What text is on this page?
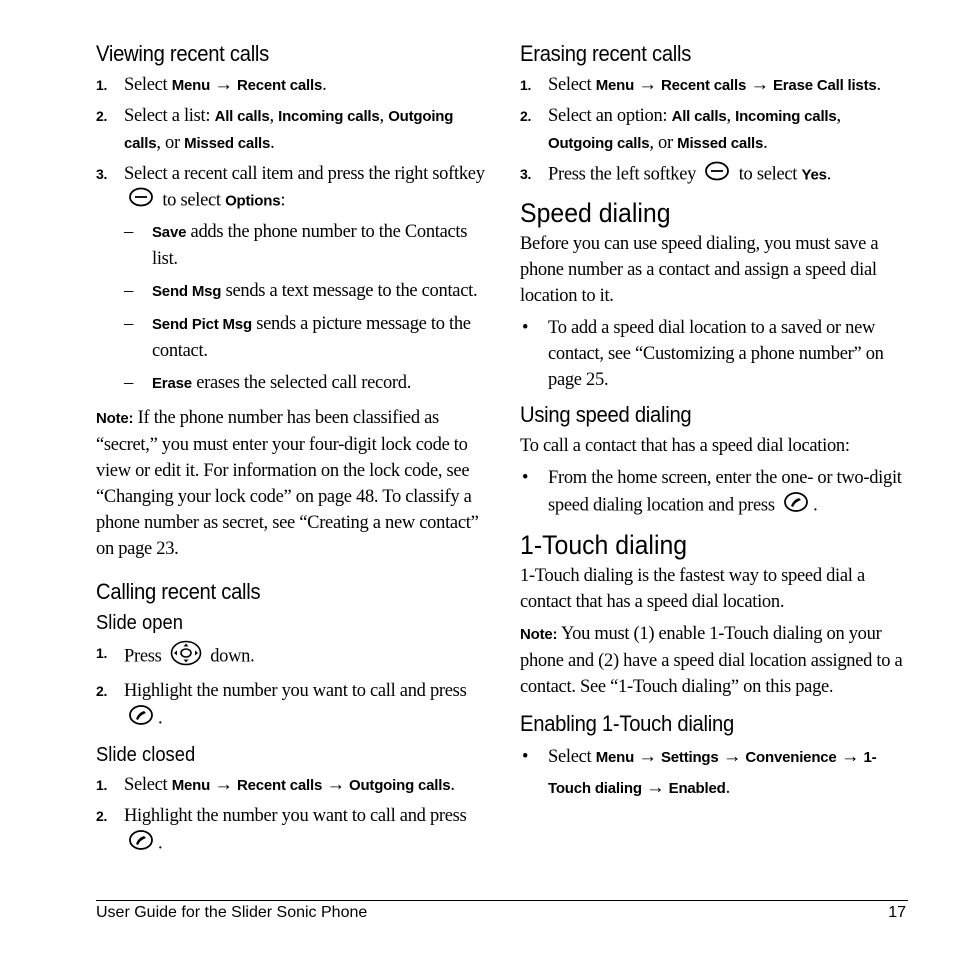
Viewing recent calls
1. Select Menu → Recent calls.
2. Select a list: All calls, Incoming calls, Outgoing calls, or Missed calls.
3. Select a recent call item and press the right softkey  to select Options:
– Save adds the phone number to the Contacts list.
– Send Msg sends a text message to the contact.
– Send Pict Msg sends a picture message to the contact.
– Erase erases the selected call record.

Note: If the phone number has been classified as “secret,” you must enter your four-digit lock code to view or edit it. For information on the lock code, see “Changing your lock code” on page 48. To classify a phone number as secret, see “Creating a new contact” on page 23.

Calling recent calls
Slide open
1. Press  down.
2. Highlight the number you want to call and press .
Slide closed
1. Select Menu → Recent calls → Outgoing calls.
2. Highlight the number you want to call and press .
Erasing recent calls
1. Select Menu → Recent calls → Erase Call lists.
2. Select an option: All calls, Incoming calls, Outgoing calls, or Missed calls.
3. Press the left softkey  to select Yes.
Speed dialing

Before you can use speed dialing, you must save a phone number as a contact and assign a speed dial location to it.

• To add a speed dial location to a saved or new contact, see “Customizing a phone number” on page 25.
Using speed dialing

To call a contact that has a speed dial location:

• From the home screen, enter the one- or two-digit speed dialing location and press .
1-Touch dialing

1-Touch dialing is the fastest way to speed dial a contact that has a speed dial location.

Note: You must (1) enable 1-Touch dialing on your phone and (2) have a speed dial location assigned to a contact. See “1-Touch dialing” on this page.

Enabling 1-Touch dialing
• Select Menu → Settings → Convenience → 1-Touch dialing → Enabled.
User Guide for the Slider Sonic Phone	17
